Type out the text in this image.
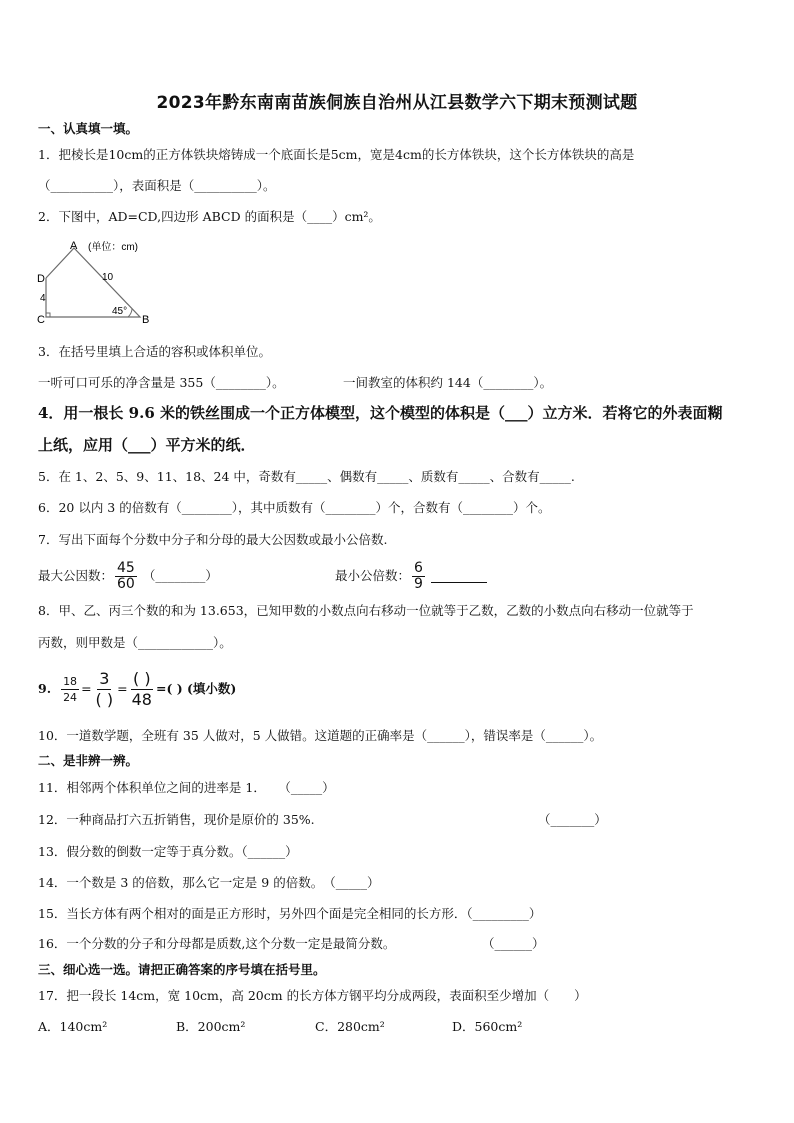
2023年黔东南南苗族侗族自治州从江县数学六下期末预测试题
一、认真填一填。
1．把棱长是10cm的正方体铁块熔铸成一个底面长是5cm，宽是4cm的长方体铁块，这个长方体铁块的高是
（__________），表面积是（__________）。
2．下图中，AD=CD,四边形 ABCD 的面积是（____）cm²。
A (单位：cm)
D	10
4
45°
C	B
3．在括号里填上合适的容积或体积单位。
一听可口可乐的净含量是 355（________）。	一间教室的体积约 144（________）。
4．用一根长 9.6 米的铁丝围成一个正方体模型，这个模型的体积是（___）立方米．若将它的外表面糊
上纸，应用（___）平方米的纸．
5．在 1、2、5、9、11、18、24 中，奇数有_____、偶数有_____、质数有_____、合数有_____.
6．20 以内 3 的倍数有（________），其中质数有（________）个，合数有（________）个。
7．写出下面每个分数中分子和分母的最大公因数或最小公倍数.
最大公因数： $\frac{45}{60}$ （________）	最小公倍数： $\frac{6}{9}$
8．甲、乙、丙三个数的和为 13.653，已知甲数的小数点向右移动一位就等于乙数，乙数的小数点向右移动一位就等于
丙数，则甲数是（____________）。
9. $\frac{18}{24} = \frac{3}{( )} = \frac{( )}{48}$ =( ) (填小数)
10．一道数学题，全班有 35 人做对，5 人做错。这道题的正确率是（______），错误率是（______）。
二、是非辨一辨。
11．相邻两个体积单位之间的进率是 1．　　（_____）
12．一种商品打六五折销售，现价是原价的 35%.	（_______）
13．假分数的倒数一定等于真分数。（______）
14．一个数是 3 的倍数，那么它一定是 9 的倍数。　（_____）
15．当长方体有两个相对的面是正方形时，另外四个面是完全相同的长方形．（_________）
16．一个分数的分子和分母都是质数,这个分数一定是最简分数。	（______）
三、细心选一选。请把正确答案的序号填在括号里。
17．把一段长 14cm，宽 10cm，高 20cm 的长方体方钢平均分成两段，表面积至少增加（　　）
A．140cm²	B．200cm²	C．280cm²	D．560cm²
